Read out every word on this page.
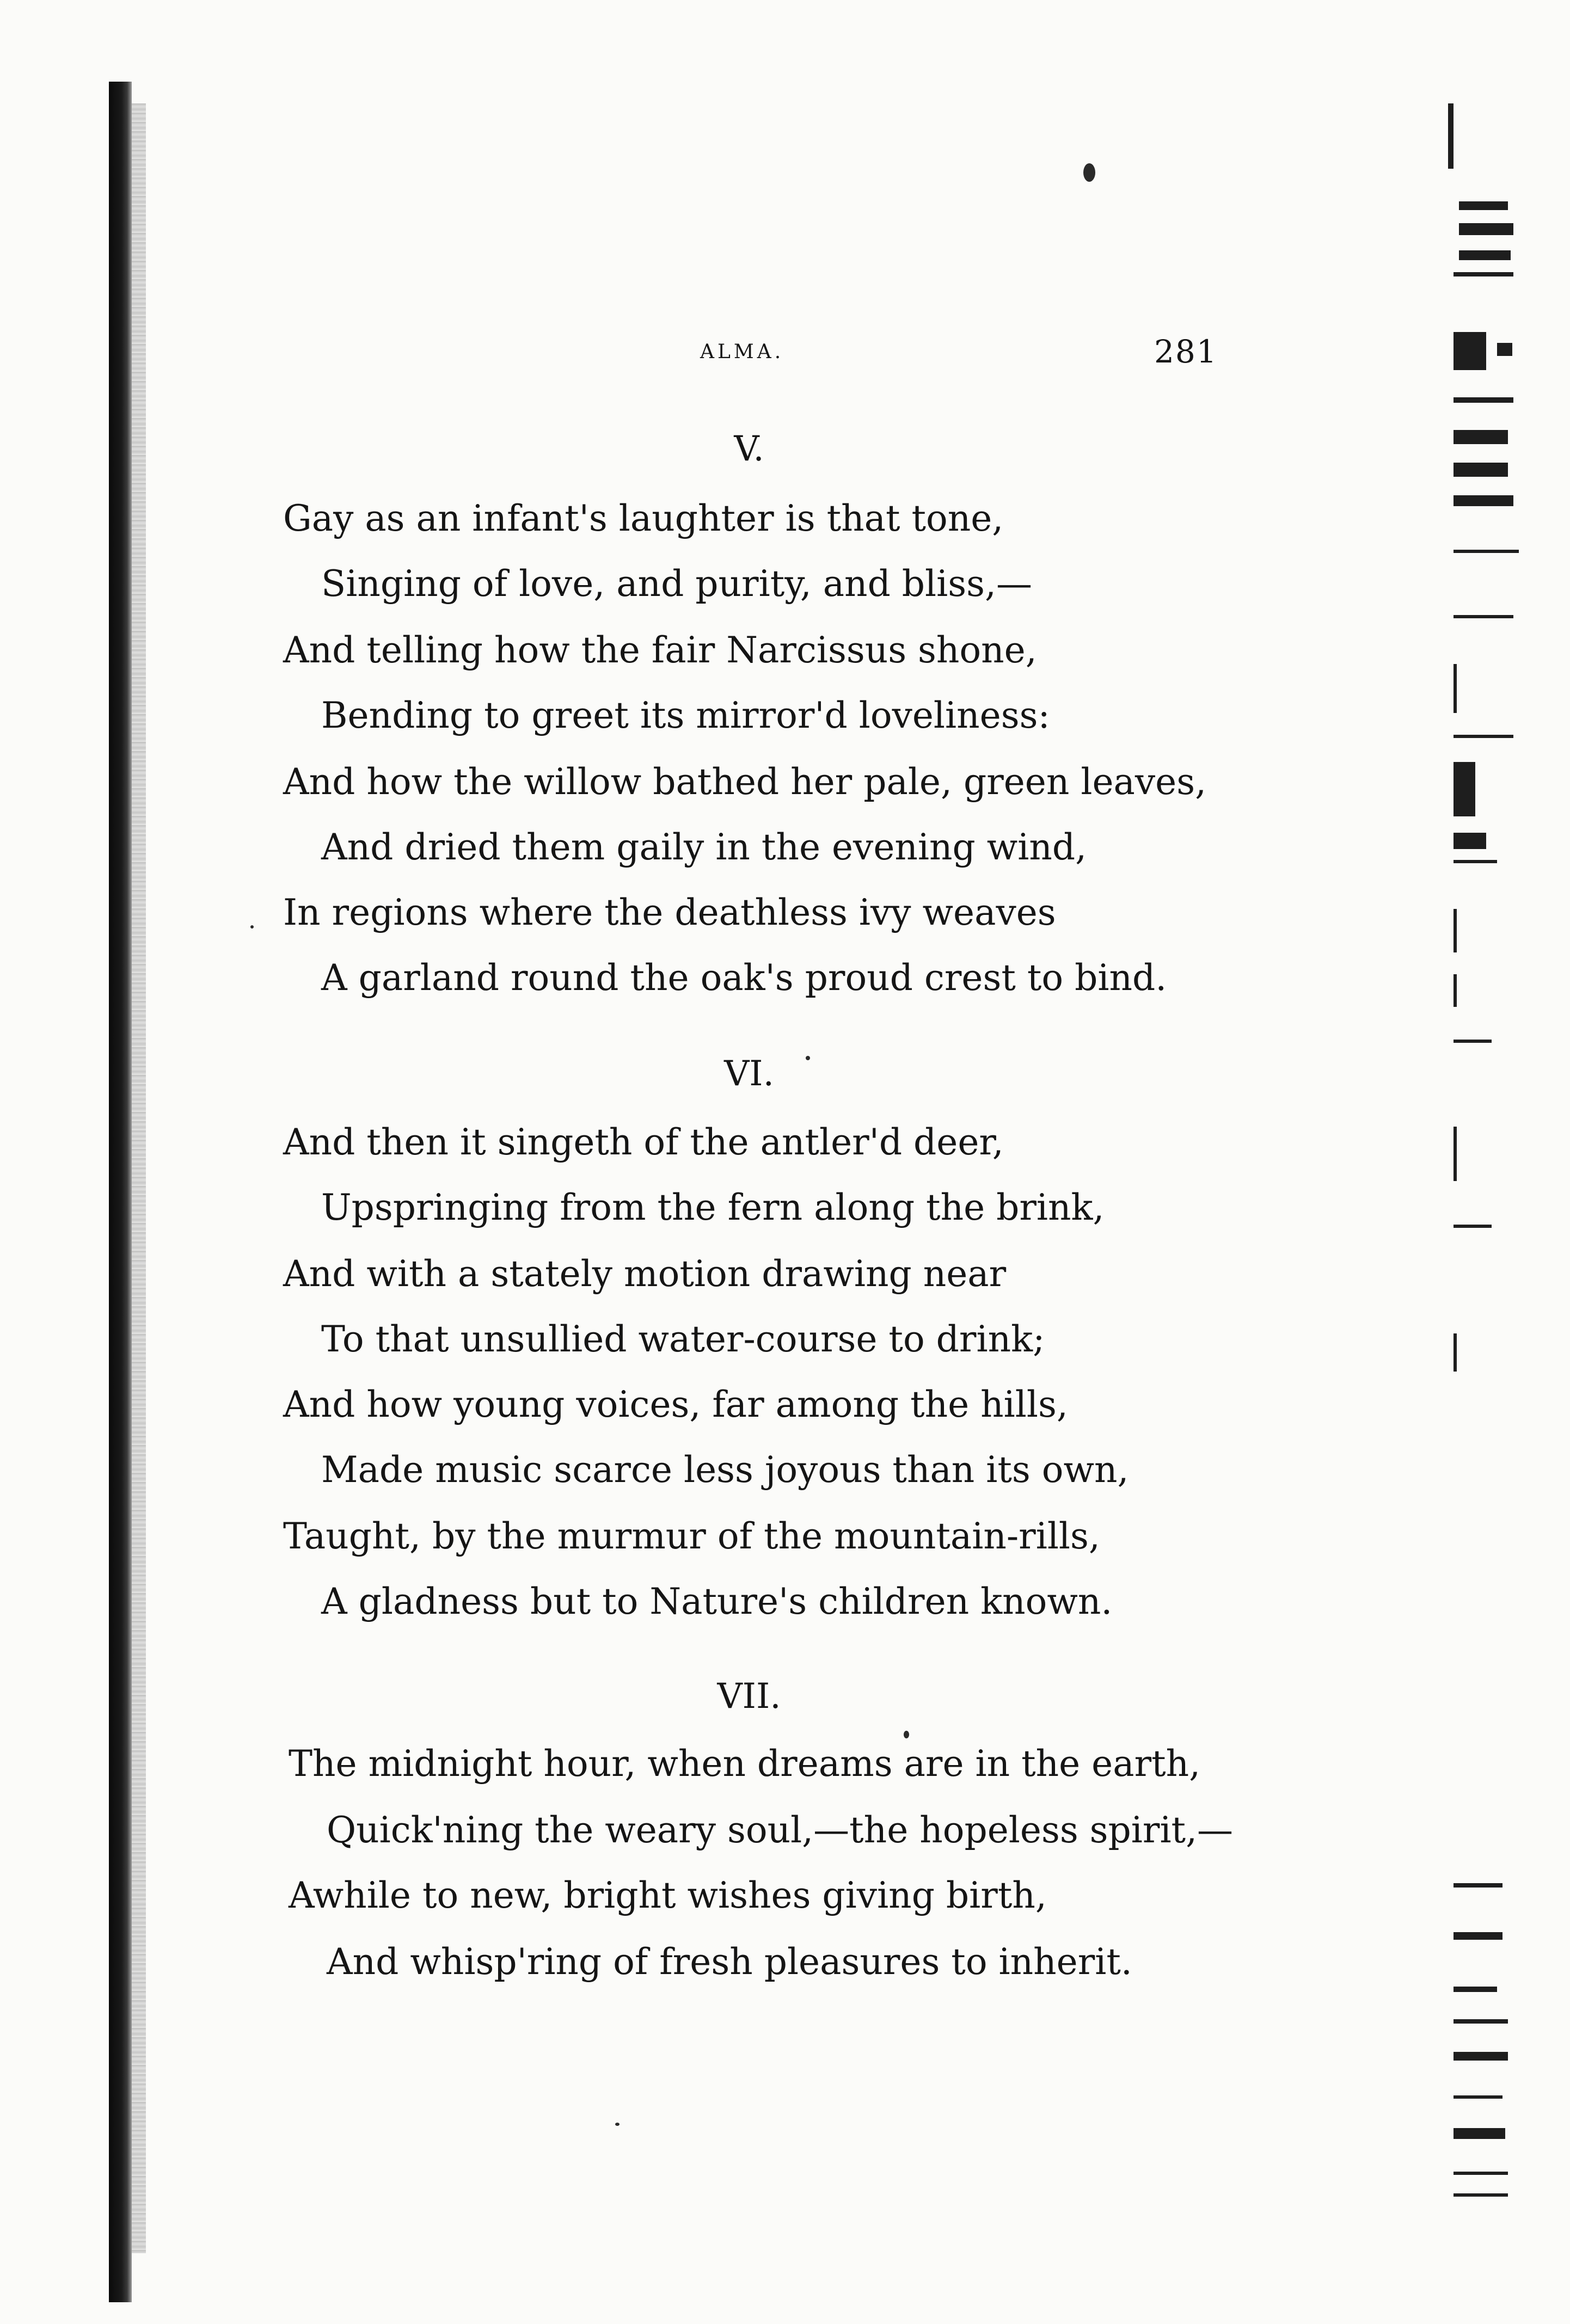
ALMA.	281
V.
Gay as an infant's laughter is that tone,
Singing of love, and purity, and bliss,—
And telling how the fair Narcissus shone,
Bending to greet its mirror'd loveliness:
And how the willow bathed her pale, green leaves,
And dried them gaily in the evening wind,
In regions where the deathless ivy weaves
A garland round the oak's proud crest to bind.
VI.
And then it singeth of the antler'd deer,
Upspringing from the fern along the brink,
And with a stately motion drawing near
To that unsullied water-course to drink;
And how young voices, far among the hills,
Made music scarce less joyous than its own,
Taught, by the murmur of the mountain-rills,
A gladness but to Nature's children known.
VII.
The midnight hour, when dreams are in the earth,
Quick'ning the weary soul,—the hopeless spirit,—
Awhile to new, bright wishes giving birth,
And whisp'ring of fresh pleasures to inherit.
